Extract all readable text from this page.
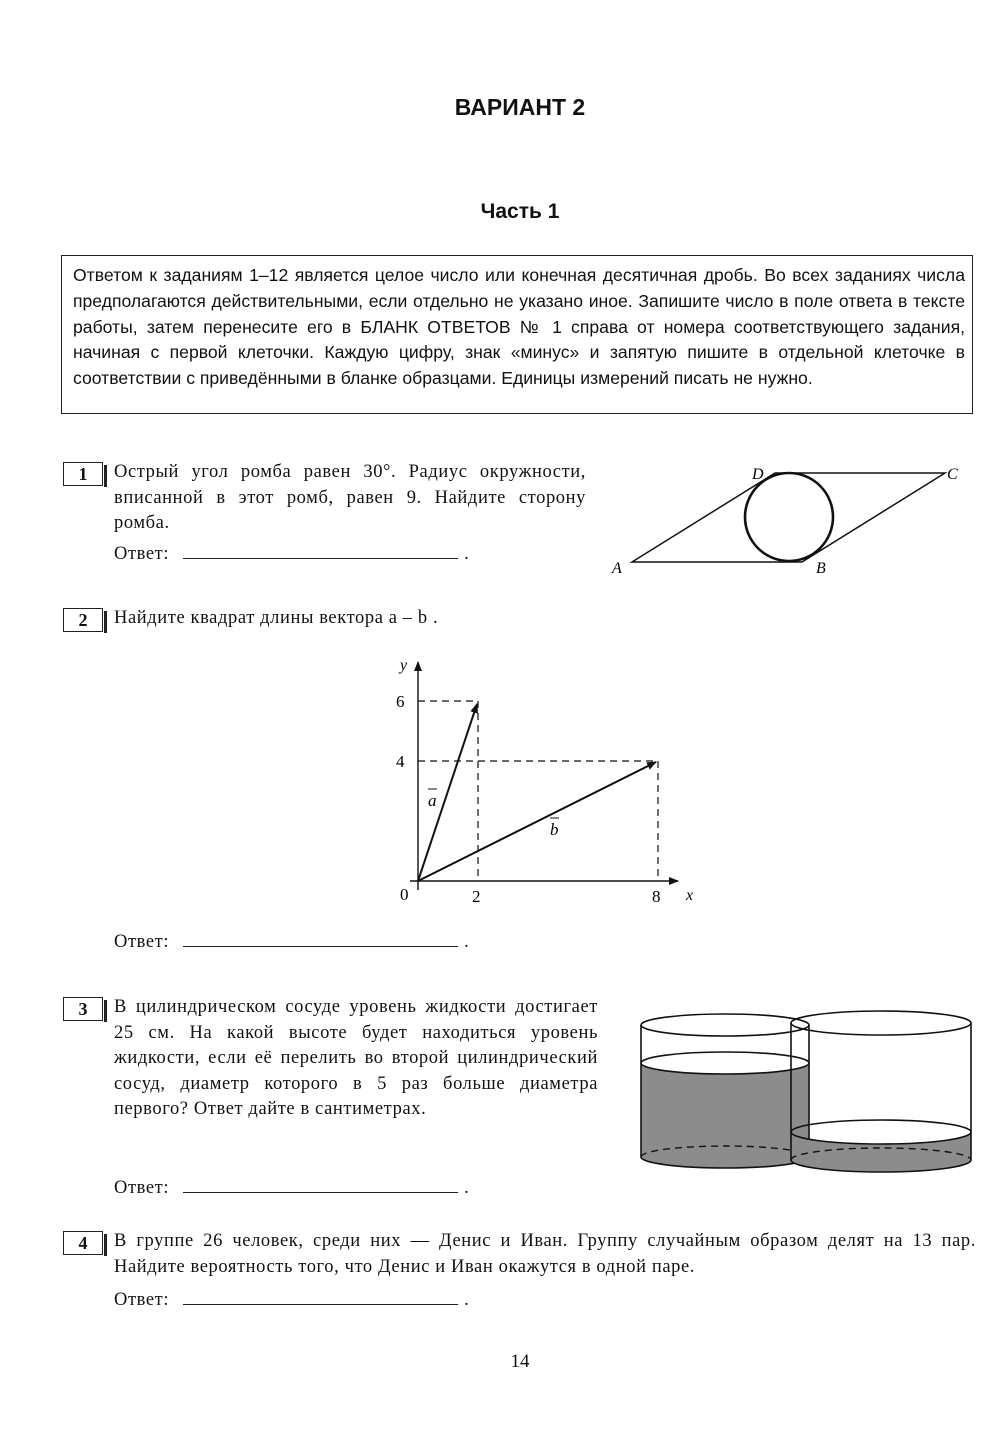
ВАРИАНТ 2
Часть 1

Ответом к заданиям 1–12 является целое число или конечная десятичная дробь. Во всех заданиях числа предполагаются действительными, если отдельно не указано иное. Запишите число в поле ответа в тексте работы, затем перенесите его в БЛАНК ОТВЕТОВ № 1 справа от номера соответствующего задания, начиная с первой клеточки. Каждую цифру, знак «минус» и запятую пишите в отдельной клеточке в соответствии с приведёнными в бланке образцами. Единицы измерений писать не нужно.

1	Острый угол ромба равен 30°. Радиус окружности, вписанной в этот ромб, равен 9. Найдите сторону ромба.
Ответ:	.
A	B
C
D
2	Найдите квадрат длины вектора a – b .
y
x
0	2	8
6
4
a
b
Ответ:	.
3	В цилиндрическом сосуде уровень жидкости достигает 25 см. На какой высоте будет находиться уровень жидкости, если её перелить во второй цилиндрический сосуд, диаметр которого в 5 раз больше диаметра первого? Ответ дайте в сантиметрах.
Ответ:	.
4	В группе 26 человек, среди них — Денис и Иван. Группу случайным образом делят на 13 пар. Найдите вероятность того, что Денис и Иван окажутся в одной паре.
Ответ:	.
14
